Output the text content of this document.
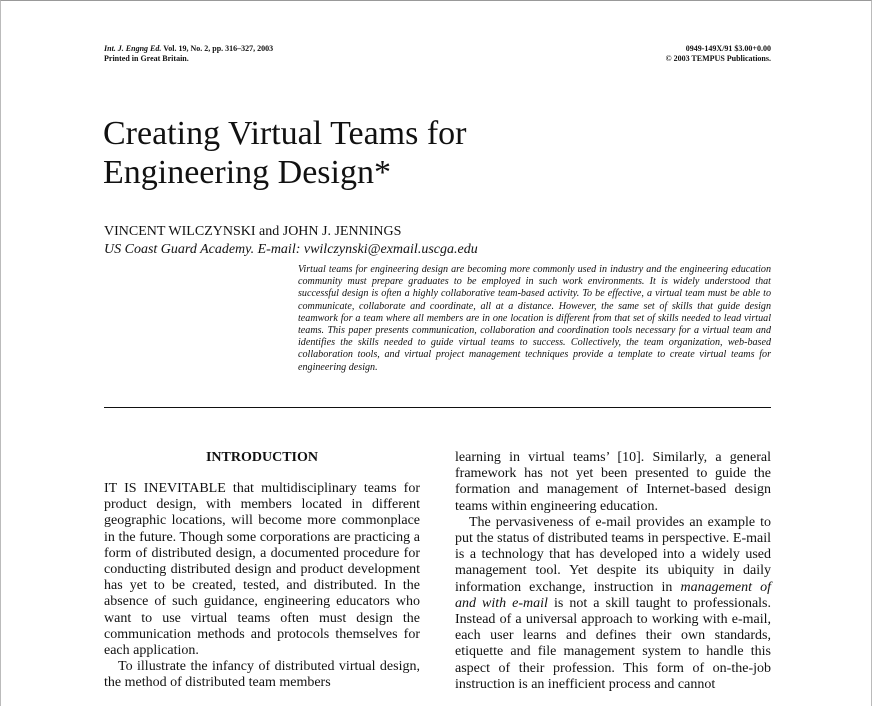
Int. J. Engng Ed. Vol. 19, No. 2, pp. 316–327, 2003
Printed in Great Britain.
0949-149X/91 $3.00+0.00
© 2003 TEMPUS Publications.
Creating Virtual Teams for
Engineering Design*
VINCENT WILCZYNSKI and JOHN J. JENNINGS
US Coast Guard Academy. E-mail: vwilczynski@exmail.uscga.edu

Virtual teams for engineering design are becoming more commonly used in industry and the engineering education community must prepare graduates to be employed in such work environments. It is widely understood that successful design is often a highly collaborative team-based activity. To be effective, a virtual team must be able to communicate, collaborate and coordinate, all at a distance. However, the same set of skills that guide design teamwork for a team where all members are in one location is different from that set of skills needed to lead virtual teams. This paper presents communication, collaboration and coordination tools necessary for a virtual team and identifies the skills needed to guide virtual teams to success. Collectively, the team organization, web-based collaboration tools, and virtual project management techniques provide a template to create virtual teams for engineering design.

INTRODUCTION

IT IS INEVITABLE that multidisciplinary teams for product design, with members located in different geographic locations, will become more commonplace in the future. Though some corporations are practicing a form of distributed design, a documented procedure for conducting distributed design and product development has yet to be created, tested, and distributed. In the absence of such guidance, engineering educators who want to use virtual teams often must design the communication methods and protocols themselves for each application.

To illustrate the infancy of distributed virtual design, the method of distributed team members

learning in virtual teams’ [10]. Similarly, a general framework has not yet been presented to guide the formation and management of Internet-based design teams within engineering education.

The pervasiveness of e-mail provides an example to put the status of distributed teams in perspective. E-mail is a technology that has developed into a widely used management tool. Yet despite its ubiquity in daily information exchange, instruction in management of and with e-mail is not a skill taught to professionals. Instead of a universal approach to working with e-mail, each user learns and defines their own standards, etiquette and file management system to handle this aspect of their profession. This form of on-the-job instruction is an inefficient process and cannot
